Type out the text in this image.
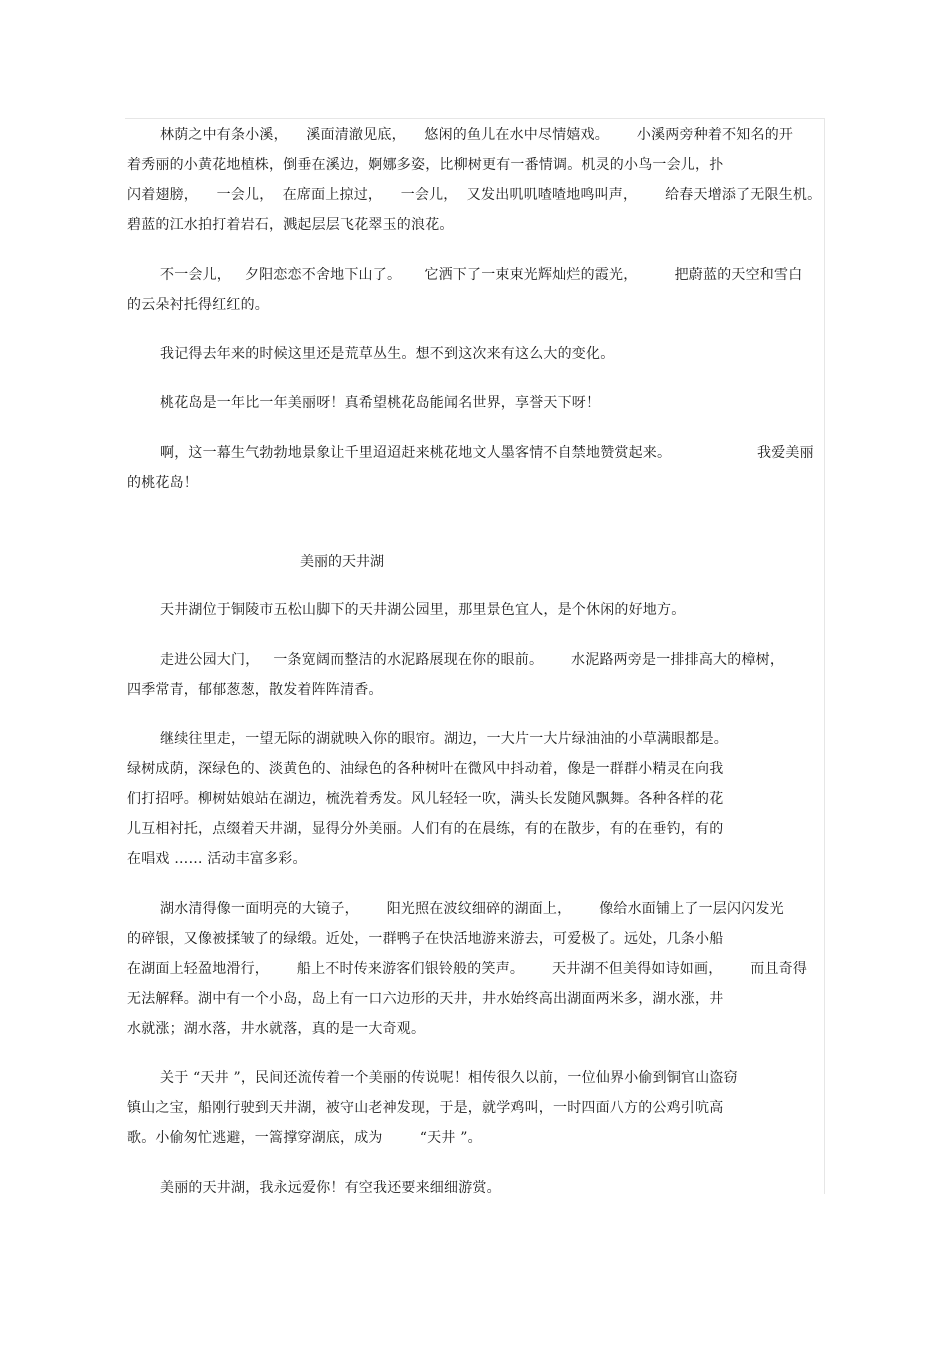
林荫之中有条小溪，    溪面清澈见底，    悠闲的鱼儿在水中尽情嬉戏。      小溪两旁种着不知名的开
着秀丽的小黄花地植株，倒垂在溪边，婀娜多姿，比柳树更有一番情调。机灵的小鸟一会儿，扑
闪着翅膀，    一会儿，  在席面上掠过，    一会儿，  又发出叽叽喳喳地鸣叫声，      给春天增添了无限生机。
碧蓝的江水拍打着岩石，溅起层层飞花翠玉的浪花。
不一会儿，   夕阳恋恋不舍地下山了。     它洒下了一束束光辉灿烂的霞光，        把蔚蓝的天空和雪白
的云朵衬托得红红的。
我记得去年来的时候这里还是荒草丛生。想不到这次来有这么大的变化。
桃花岛是一年比一年美丽呀！真希望桃花岛能闻名世界，享誉天下呀！
啊，这一幕生气勃勃地景象让千里迢迢赶来桃花地文人墨客情不自禁地赞赏起来。	我爱美丽
的桃花岛！
美丽的天井湖
天井湖位于铜陵市五松山脚下的天井湖公园里，那里景色宜人，是个休闲的好地方。
走进公园大门，   一条宽阔而整洁的水泥路展现在你的眼前。      水泥路两旁是一排排高大的樟树，
四季常青，郁郁葱葱，散发着阵阵清香。
继续往里走，一望无际的湖就映入你的眼帘。湖边，一大片一大片绿油油的小草满眼都是。
绿树成荫，深绿色的、淡黄色的、油绿色的各种树叶在微风中抖动着，像是一群群小精灵在向我
们打招呼。柳树姑娘站在湖边，梳洗着秀发。风儿轻轻一吹，满头长发随风飘舞。各种各样的花
儿互相衬托，点缀着天井湖，显得分外美丽。人们有的在晨练，有的在散步，有的在垂钓，有的
在唱戏 …… 活动丰富多彩。
湖水清得像一面明亮的大镜子，      阳光照在波纹细碎的湖面上，      像给水面铺上了一层闪闪发光
的碎银，又像被揉皱了的绿缎。近处，一群鸭子在快活地游来游去，可爱极了。远处，几条小船
在湖面上轻盈地滑行，      船上不时传来游客们银铃般的笑声。      天井湖不但美得如诗如画，      而且奇得
无法解释。湖中有一个小岛，岛上有一口六边形的天井，井水始终高出湖面两米多，湖水涨，井
水就涨；湖水落，井水就落，真的是一大奇观。
关于 “天井 ”，民间还流传着一个美丽的传说呢！相传很久以前，一位仙界小偷到铜官山盗窃
镇山之宝，船刚行驶到天井湖，被守山老神发现，于是，就学鸡叫，一时四面八方的公鸡引吭高
歌。小偷匆忙逃避，一篙撑穿湖底，成为        “天井 ”。
美丽的天井湖，我永远爱你！有空我还要来细细游赏。
